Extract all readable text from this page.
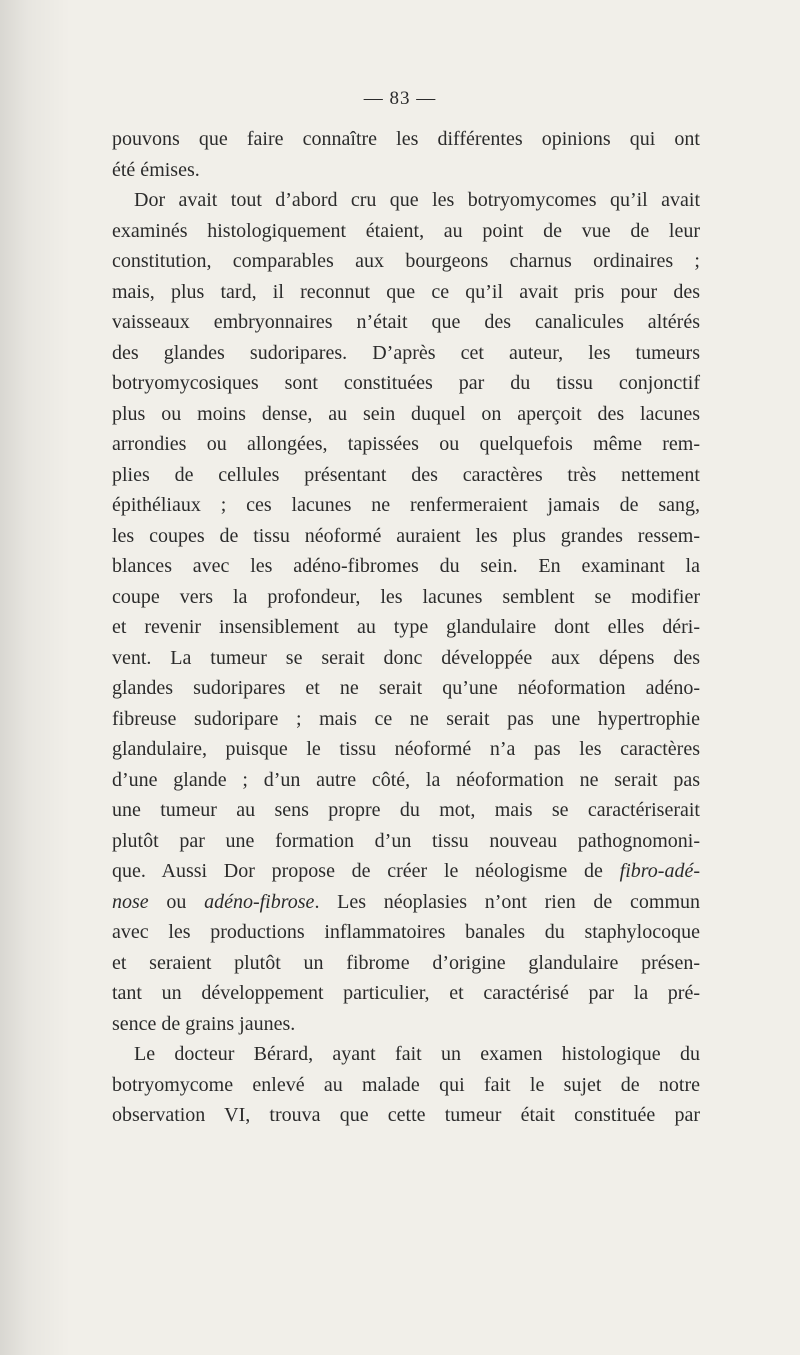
— 83 —
pouvons que faire connaître les différentes opinions qui ont
été émises.
Dor avait tout d’abord cru que les botryomycomes qu’il avait
examinés histologiquement étaient, au point de vue de leur
constitution, comparables aux bourgeons charnus ordinaires ;
mais, plus tard, il reconnut que ce qu’il avait pris pour des
vaisseaux embryonnaires n’était que des canalicules altérés
des glandes sudoripares. D’après cet auteur, les tumeurs
botryomycosiques sont constituées par du tissu conjonctif
plus ou moins dense, au sein duquel on aperçoit des lacunes
arrondies ou allongées, tapissées ou quelquefois même rem-
plies de cellules présentant des caractères très nettement
épithéliaux ; ces lacunes ne renfermeraient jamais de sang,
les coupes de tissu néoformé auraient les plus grandes ressem-
blances avec les adéno-fibromes du sein. En examinant la
coupe vers la profondeur, les lacunes semblent se modifier
et revenir insensiblement au type glandulaire dont elles déri-
vent. La tumeur se serait donc développée aux dépens des
glandes sudoripares et ne serait qu’une néoformation adéno-
fibreuse sudoripare ; mais ce ne serait pas une hypertrophie
glandulaire, puisque le tissu néoformé n’a pas les caractères
d’une glande ; d’un autre côté, la néoformation ne serait pas
une tumeur au sens propre du mot, mais se caractériserait
plutôt par une formation d’un tissu nouveau pathognomoni-
que. Aussi Dor propose de créer le néologisme de fibro-adé-
nose ou adéno-fibrose. Les néoplasies n’ont rien de commun
avec les productions inflammatoires banales du staphylocoque
et seraient plutôt un fibrome d’origine glandulaire présen-
tant un développement particulier, et caractérisé par la pré-
sence de grains jaunes.
Le docteur Bérard, ayant fait un examen histologique du
botryomycome enlevé au malade qui fait le sujet de notre
observation VI, trouva que cette tumeur était constituée par
